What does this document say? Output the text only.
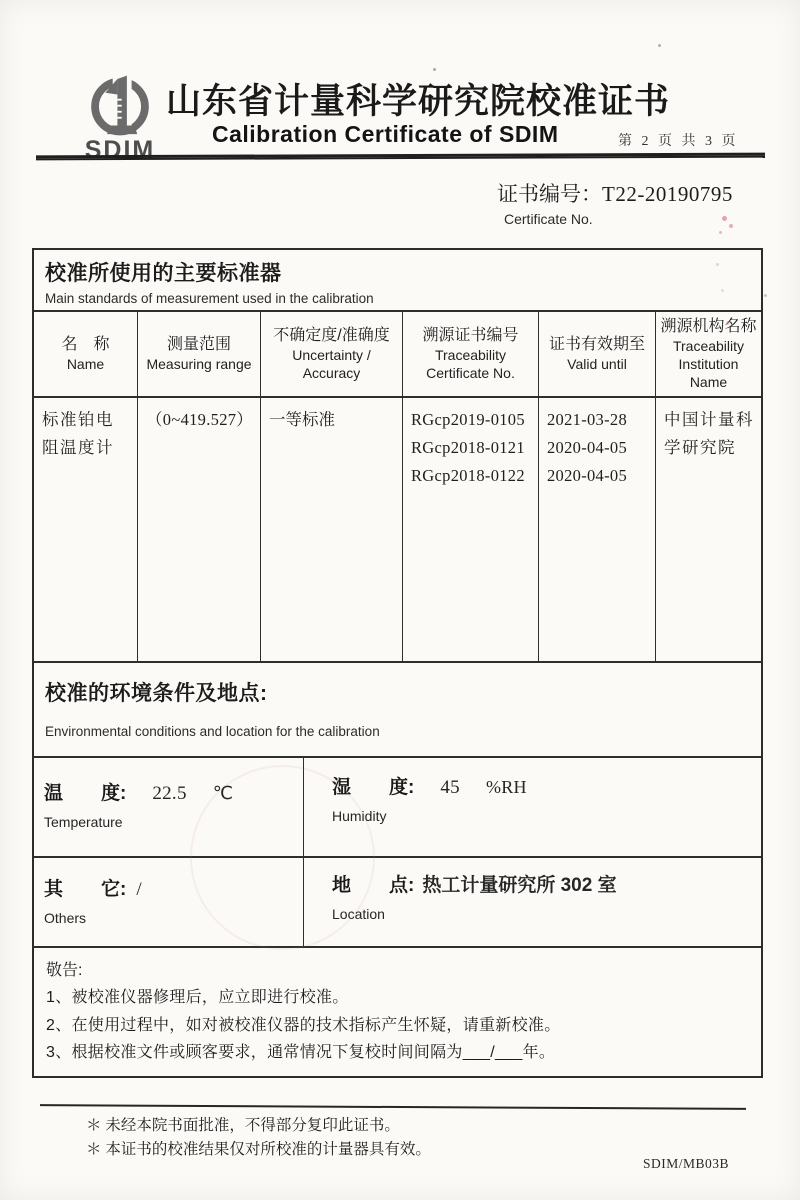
SDIM
山东省计量科学研究院校准证书
Calibration Certificate of SDIM	第 2 页 共 3 页
证书编号：T22-20190795
Certificate No.
校准所使用的主要标准器
Main standards of measurement used in the calibration
名　称
Name
测量范围
Measuring range
不确定度/准确度
Uncertainty / Accuracy
溯源证书编号
Traceability Certificate No.
证书有效期至
Valid until
溯源机构名称
Traceability Institution Name
标准铂电阻温度计
（0~419.527） 一等标准	RGcp2019-0105
RGcp2018-0121
RGcp2018-0122
2021-03-28
2020-04-05
2020-04-05
中国计量科学研究院
校准的环境条件及地点:
Environmental conditions and location for the calibration
温　　度: 22.5 ℃
Temperature
湿　　度: 45 %RH
Humidity
其　　它: /
Others
地　　点: 热工计量研究所 302 室
Location
敬告:
1、被校准仪器修理后，应立即进行校准。
2、在使用过程中，如对被校准仪器的技术指标产生怀疑，请重新校准。
3、根据校准文件或顾客要求，通常情况下复校时间间隔为___/___年。
＊ 未经本院书面批准，不得部分复印此证书。
＊ 本证书的校准结果仅对所校准的计量器具有效。
SDIM/MB03B
